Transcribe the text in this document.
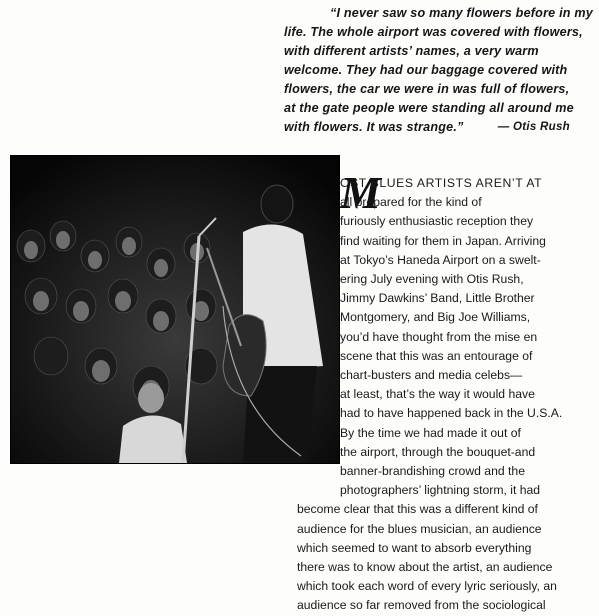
“I never saw so many flowers before in my
life. The whole airport was covered with flowers,
with different artists’ names, a very warm
welcome. They had our baggage covered with
flowers, the car we were in was full of flowers,
at the gate people were standing all around me
with flowers. It was strange.”	— Otis Rush
M
OST BLUES ARTISTS AREN’T AT
all prepared for the kind of
furiously enthusiastic reception they
find waiting for them in Japan. Arriving
at Tokyo’s Haneda Airport on a swelt-
ering July evening with Otis Rush,
Jimmy Dawkins’ Band, Little Brother
Montgomery, and Big Joe Williams,
you’d have thought from the mise en
scene that this was an entourage of
chart-busters and media celebs—
at least, that’s the way it would have
had to have happened back in the U.S.A.
By the time we had made it out of
the airport, through the bouquet-and
banner-brandishing crowd and the
photographers’ lightning storm, it had
become clear that this was a different kind of
audience for the blues musician, an audience
which seemed to want to absorb everything
there was to know about the artist, an audience
which took each word of every lyric seriously, an
audience so far removed from the sociological
